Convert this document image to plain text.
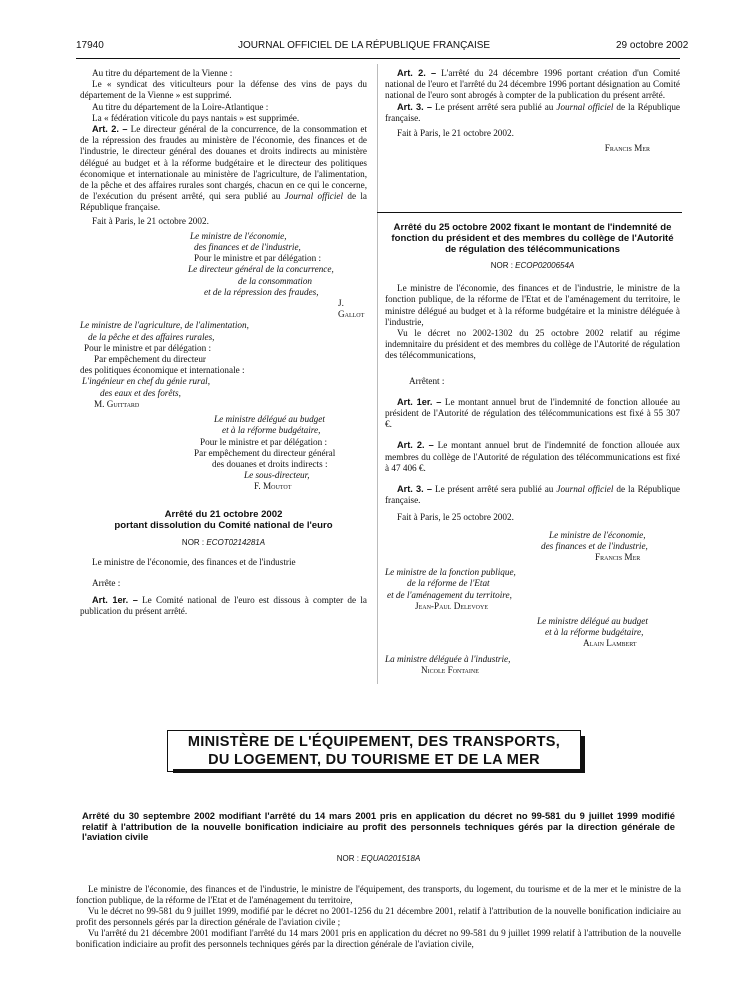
17940	JOURNAL OFFICIEL DE LA RÉPUBLIQUE FRANÇAISE	29 octobre 2002

Au titre du département de la Vienne :

Le « syndicat des viticulteurs pour la défense des vins de pays du département de la Vienne » est supprimé.

Au titre du département de la Loire-Atlantique :

La « fédération viticole du pays nantais » est supprimée.

Art. 2. – Le directeur général de la concurrence, de la consommation et de la répression des fraudes au ministère de l'économie, des finances et de l'industrie, le directeur général des douanes et droits indirects au ministère délégué au budget et à la réforme budgétaire et le directeur des politiques économique et internationale au ministère de l'agriculture, de l'alimentation, de la pêche et des affaires rurales sont chargés, chacun en ce qui le concerne, de l'exécution du présent arrêté, qui sera publié au Journal officiel de la République française.

Fait à Paris, le 21 octobre 2002.

Le ministre de l'économie,

des finances et de l'industrie,

Pour le ministre et par délégation :

Le directeur général de la concurrence,

de la consommation

et de la répression des fraudes,

J. Gallot

Le ministre de l'agriculture, de l'alimentation,

de la pêche et des affaires rurales,

Pour le ministre et par délégation :

Par empêchement du directeur

des politiques économique et internationale :

L'ingénieur en chef du génie rural,

des eaux et des forêts,

M. Guittard

Le ministre délégué au budget

et à la réforme budgétaire,

Pour le ministre et par délégation :

Par empêchement du directeur général

des douanes et droits indirects :

Le sous-directeur,

F. Moutot

Arrêté du 21 octobre 2002
portant dissolution du Comité national de l'euro

NOR : ECOT0214281A

Le ministre de l'économie, des finances et de l'industrie

Arrête :

Art. 1er. – Le Comité national de l'euro est dissous à compter de la publication du présent arrêté.

Art. 2. – L'arrêté du 24 décembre 1996 portant création d'un Comité national de l'euro et l'arrêté du 24 décembre 1996 portant désignation au Comité national de l'euro sont abrogés à compter de la publication du présent arrêté.

Art. 3. – Le présent arrêté sera publié au Journal officiel de la République française.

Fait à Paris, le 21 octobre 2002.

Francis Mer

Arrêté du 25 octobre 2002 fixant le montant de l'indemnité de fonction du président et des membres du collège de l'Autorité de régulation des télécommunications

NOR : ECOP0200654A

Le ministre de l'économie, des finances et de l'industrie, le ministre de la fonction publique, de la réforme de l'Etat et de l'aménagement du territoire, le ministre délégué au budget et à la réforme budgétaire et la ministre déléguée à l'industrie,

Vu le décret no 2002-1302 du 25 octobre 2002 relatif au régime indemnitaire du président et des membres du collège de l'Autorité de régulation des télécommunications,

Arrêtent :

Art. 1er. – Le montant annuel brut de l'indemnité de fonction allouée au président de l'Autorité de régulation des télécommunications est fixé à 55 307 €.

Art. 2. – Le montant annuel brut de l'indemnité de fonction allouée aux membres du collège de l'Autorité de régulation des télécommunications est fixé à 47 406 €.

Art. 3. – Le présent arrêté sera publié au Journal officiel de la République française.

Fait à Paris, le 25 octobre 2002.

Le ministre de l'économie,

des finances et de l'industrie,

Francis Mer

Le ministre de la fonction publique,

de la réforme de l'Etat

et de l'aménagement du territoire,

Jean-Paul Delevoye

Le ministre délégué au budget

et à la réforme budgétaire,

Alain Lambert

La ministre déléguée à l'industrie,

Nicole Fontaine

MINISTÈRE DE L'ÉQUIPEMENT, DES TRANSPORTS,
DU LOGEMENT, DU TOURISME ET DE LA MER
Arrêté du 30 septembre 2002 modifiant l'arrêté du 14 mars 2001 pris en application du décret no 99-581 du 9 juillet 1999 modifié relatif à l'attribution de la nouvelle bonification indiciaire au profit des personnels techniques gérés par la direction générale de l'aviation civile

NOR : EQUA0201518A

Le ministre de l'économie, des finances et de l'industrie, le ministre de l'équipement, des transports, du logement, du tourisme et de la mer et le ministre de la fonction publique, de la réforme de l'Etat et de l'aménagement du territoire,

Vu le décret no 99-581 du 9 juillet 1999, modifié par le décret no 2001-1256 du 21 décembre 2001, relatif à l'attribution de la nouvelle bonification indiciaire au profit des personnels gérés par la direction générale de l'aviation civile ;

Vu l'arrêté du 21 décembre 2001 modifiant l'arrêté du 14 mars 2001 pris en application du décret no 99-581 du 9 juillet 1999 relatif à l'attribution de la nouvelle bonification indiciaire au profit des personnels techniques gérés par la direction générale de l'aviation civile,
